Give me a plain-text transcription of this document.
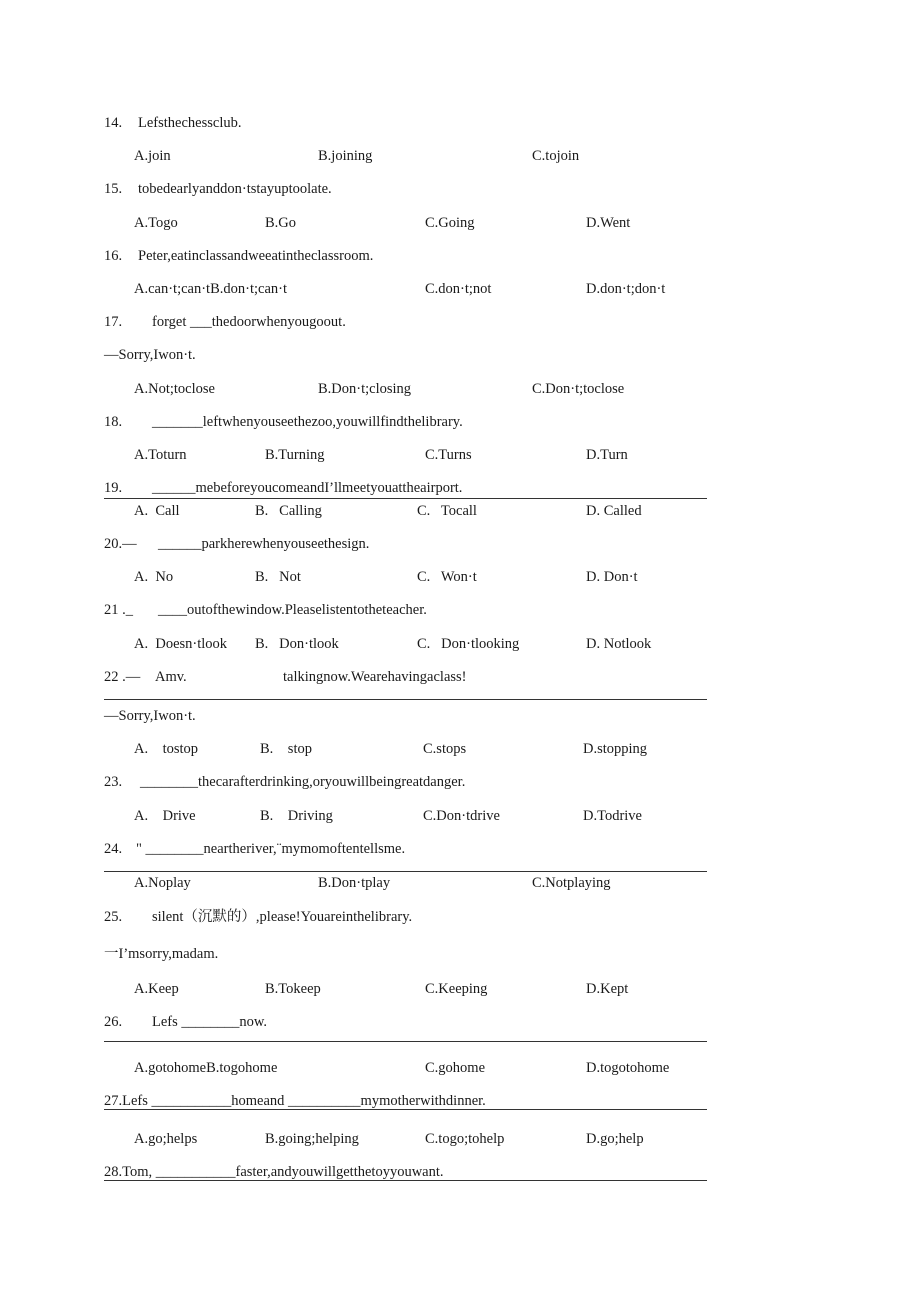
14. Lefsthechessclub.
A.join	B.joining	C.tojoin
15. tobedearlyanddon·tstayuptoolate.
A.Togo	B.Go	C.Going	D.Went
16. Peter,eatinclassandweeatintheclassroom.
A.can·t;can·tB.don·t;can·t	C.don·t;not	D.don·t;don·t
17. forget ___thedoorwhenyougoout.
—Sorry,Iwon·t.
A.Not;toclose	B.Don·t;closing	C.Don·t;toclose
18. _______leftwhenyouseethezoo,youwillfindthelibrary.
A.Toturn	B.Turning	C.Turns	D.Turn
19. ______mebeforeyoucomeandI’llmeetyouattheairport.
A.  Call	B.   Calling	C.   Tocall	D. Called
20.— ______parkherewhenyouseethesign.
A.  No	B.   Not	C.   Won·t	D. Don·t
21 ._ ____outofthewindow.Pleaselistentotheteacher.
A.  Doesn·tlook B.   Don·tlook	C.   Don·tlooking	D. Notlook
22 .— Amv.	talkingnow.Wearehavingaclass!
—Sorry,Iwon·t.
A.    tostop	B.    stop	C.stops	D.stopping
23. ________thecarafterdrinking,oryouwillbeingreatdanger.
A.    Drive	B.    Driving	C.Don·tdrive	D.Todrive
24. " ________neartheriver,¨mymomoftentellsme.
A.Noplay	B.Don·tplay	C.Notplaying
25. silent（沉默的）,please!Youareinthelibrary.
一I’msorry,madam.
A.Keep	B.Tokeep	C.Keeping	D.Kept
26. Lefs ________now.
A.gotohomeB.togohome	C.gohome	D.togotohome
27.Lefs ___________homeand __________mymotherwithdinner.
A.go;helps	B.going;helping	C.togo;tohelp	D.go;help
28.Tom, ___________faster,andyouwillgetthetoyyouwant.
